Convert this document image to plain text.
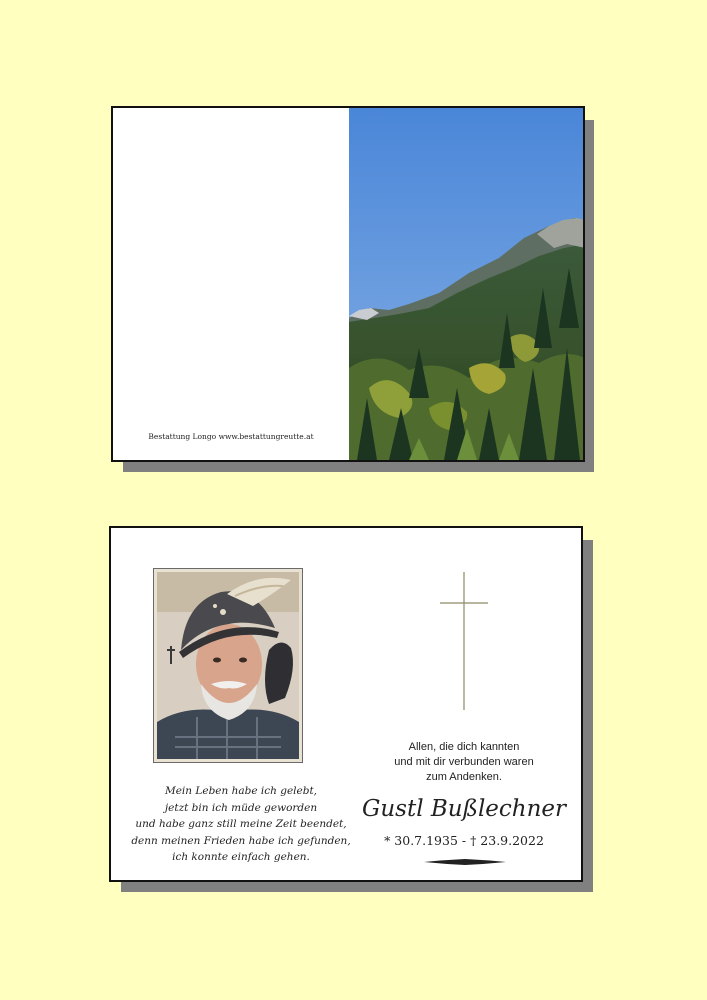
Bestattung Longo www.bestattungreutte.at
Mein Leben habe ich gelebt,
jetzt bin ich müde geworden
und habe ganz still meine Zeit beendet,
denn meinen Frieden habe ich gefunden,
ich konnte einfach gehen.
Allen, die dich kannten
und mit dir verbunden waren
zum Andenken.
Gustl Bußlechner
* 30.7.1935 - † 23.9.2022
